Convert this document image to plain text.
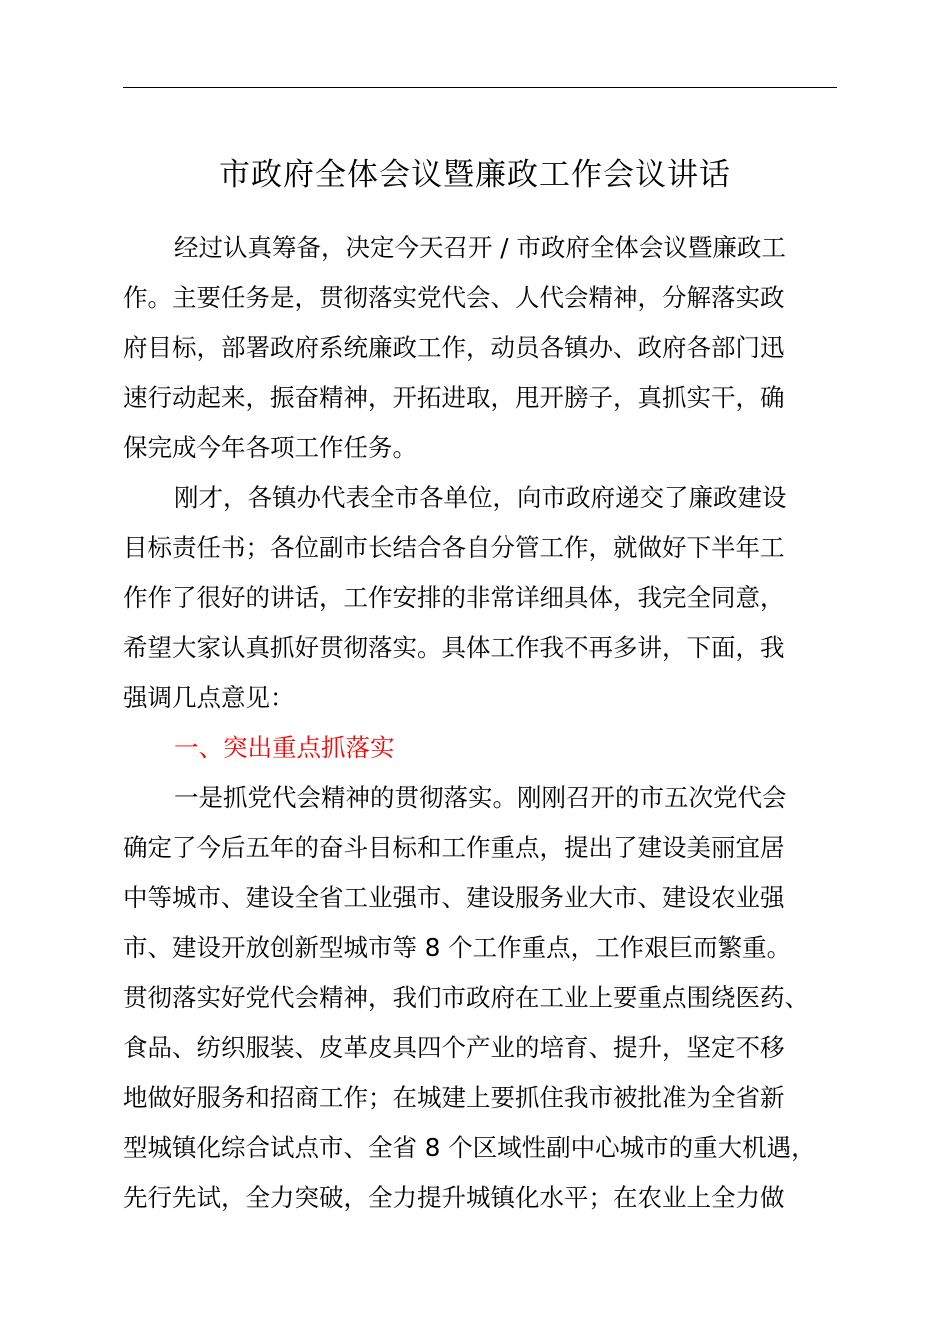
市政府全体会议暨廉政工作会议讲话
经过认真筹备，决定今天召开 / 市政府全体会议暨廉政工
作。主要任务是，贯彻落实党代会、人代会精神，分解落实政
府目标，部署政府系统廉政工作，动员各镇办、政府各部门迅
速行动起来，振奋精神，开拓进取，甩开膀子，真抓实干，确
保完成今年各项工作任务。
刚才，各镇办代表全市各单位，向市政府递交了廉政建设
目标责任书；各位副市长结合各自分管工作，就做好下半年工
作作了很好的讲话，工作安排的非常详细具体，我完全同意，
希望大家认真抓好贯彻落实。具体工作我不再多讲，下面，我
强调几点意见：
一、突出重点抓落实
一是抓党代会精神的贯彻落实。刚刚召开的市五次党代会
确定了今后五年的奋斗目标和工作重点，提出了建设美丽宜居
中等城市、建设全省工业强市、建设服务业大市、建设农业强
市、建设开放创新型城市等 8 个工作重点，工作艰巨而繁重。
贯彻落实好党代会精神，我们市政府在工业上要重点围绕医药、
食品、纺织服装、皮革皮具四个产业的培育、提升，坚定不移
地做好服务和招商工作；在城建上要抓住我市被批准为全省新
型城镇化综合试点市、全省 8 个区域性副中心城市的重大机遇，
先行先试，全力突破，全力提升城镇化水平；在农业上全力做
